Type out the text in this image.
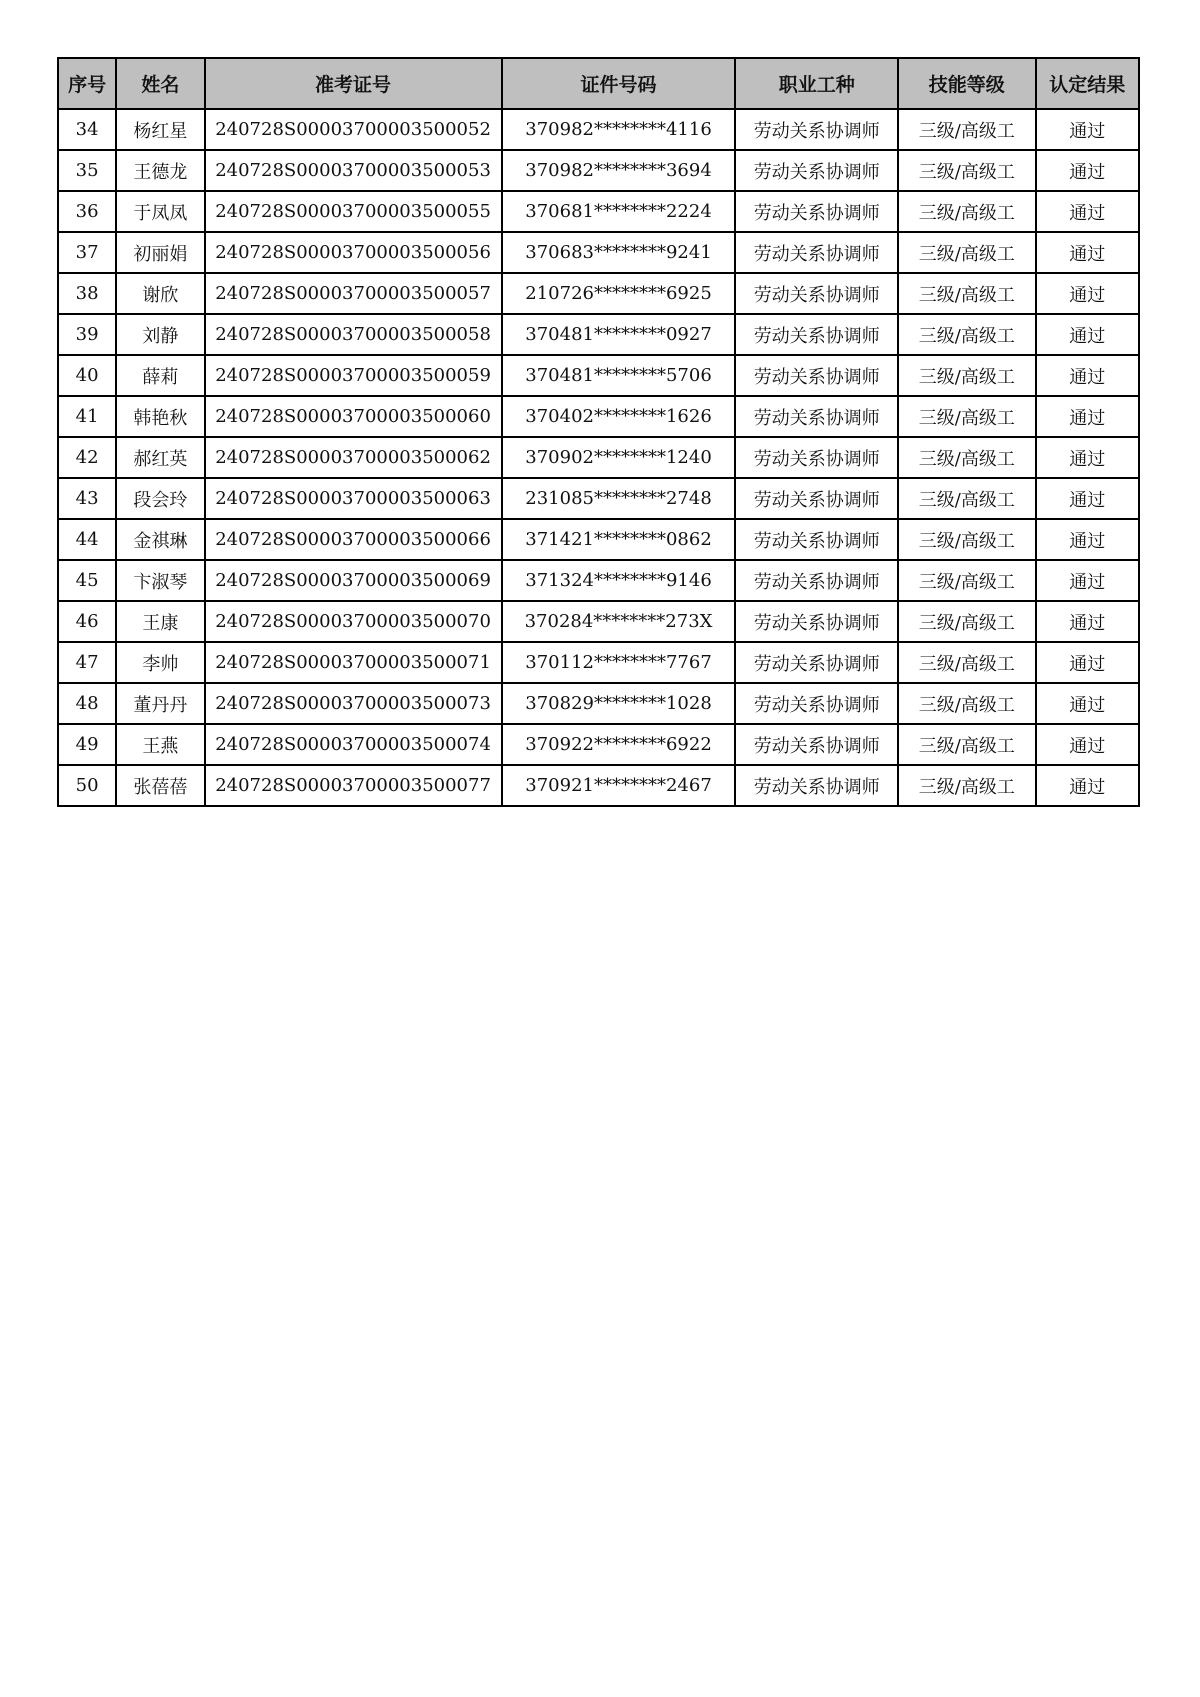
序号	姓名	准考证号	证件号码	职业工种	技能等级	认定结果
34	杨红星	240728S00003700003500052	370982********4116	劳动关系协调师	三级/高级工	通过
35	王德龙	240728S00003700003500053	370982********3694	劳动关系协调师	三级/高级工	通过
36	于凤凤	240728S00003700003500055	370681********2224	劳动关系协调师	三级/高级工	通过
37	初丽娟	240728S00003700003500056	370683********9241	劳动关系协调师	三级/高级工	通过
38	谢欣	240728S00003700003500057	210726********6925	劳动关系协调师	三级/高级工	通过
39	刘静	240728S00003700003500058	370481********0927	劳动关系协调师	三级/高级工	通过
40	薛莉	240728S00003700003500059	370481********5706	劳动关系协调师	三级/高级工	通过
41	韩艳秋	240728S00003700003500060	370402********1626	劳动关系协调师	三级/高级工	通过
42	郝红英	240728S00003700003500062	370902********1240	劳动关系协调师	三级/高级工	通过
43	段会玲	240728S00003700003500063	231085********2748	劳动关系协调师	三级/高级工	通过
44	金祺琳	240728S00003700003500066	371421********0862	劳动关系协调师	三级/高级工	通过
45	卞淑琴	240728S00003700003500069	371324********9146	劳动关系协调师	三级/高级工	通过
46	王康	240728S00003700003500070	370284********273X	劳动关系协调师	三级/高级工	通过
47	李帅	240728S00003700003500071	370112********7767	劳动关系协调师	三级/高级工	通过
48	董丹丹	240728S00003700003500073	370829********1028	劳动关系协调师	三级/高级工	通过
49	王燕	240728S00003700003500074	370922********6922	劳动关系协调师	三级/高级工	通过
50	张蓓蓓	240728S00003700003500077	370921********2467	劳动关系协调师	三级/高级工	通过
